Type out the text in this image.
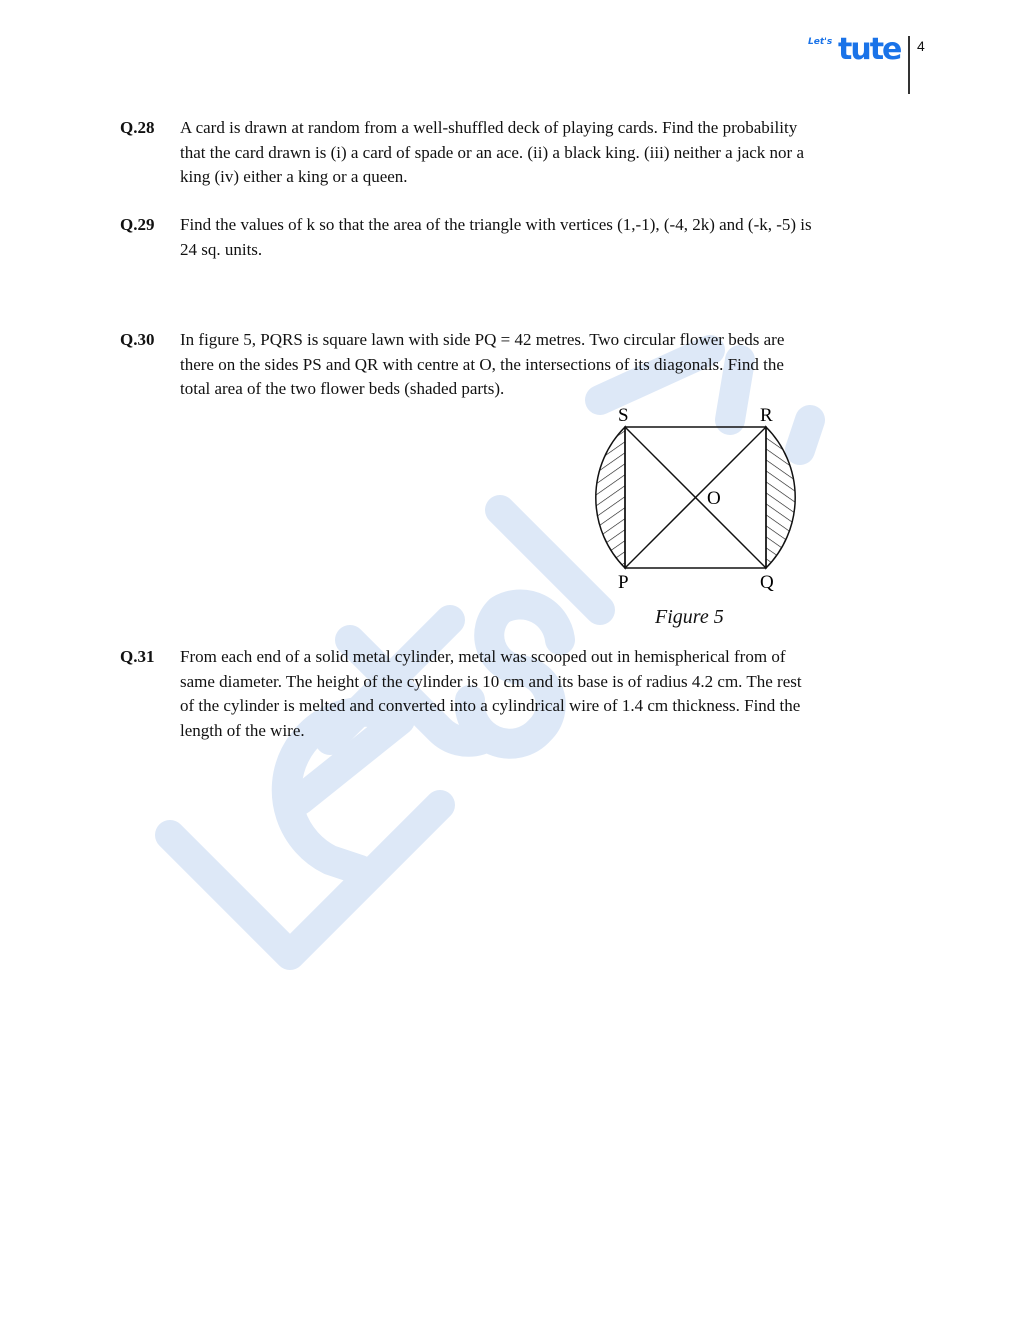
Let's tute 4
Q.28	A card is drawn at random from a well-shuffled deck of playing cards. Find the probability
that the card drawn is (i) a card of spade or an ace. (ii) a black king. (iii) neither a jack nor a
king (iv) either a king or a queen.
Q.29	Find the values of k so that the area of the triangle with vertices (1,-1), (-4, 2k) and (-k, -5) is
24 sq. units.
Q.30	In figure 5, PQRS is square lawn with side PQ = 42 metres. Two circular flower beds are
there on the sides PS and QR with centre at O, the intersections of its diagonals. Find the
total area of the two flower beds (shaded parts).
S	R
P	Q
O
Figure 5
Q.31	From each end of a solid metal cylinder, metal was scooped out in hemispherical from of
same diameter. The height of the cylinder is 10 cm and its base is of radius 4.2 cm. The rest
of the cylinder is melted and converted into a cylindrical wire of 1.4 cm thickness. Find the
length of the wire.
